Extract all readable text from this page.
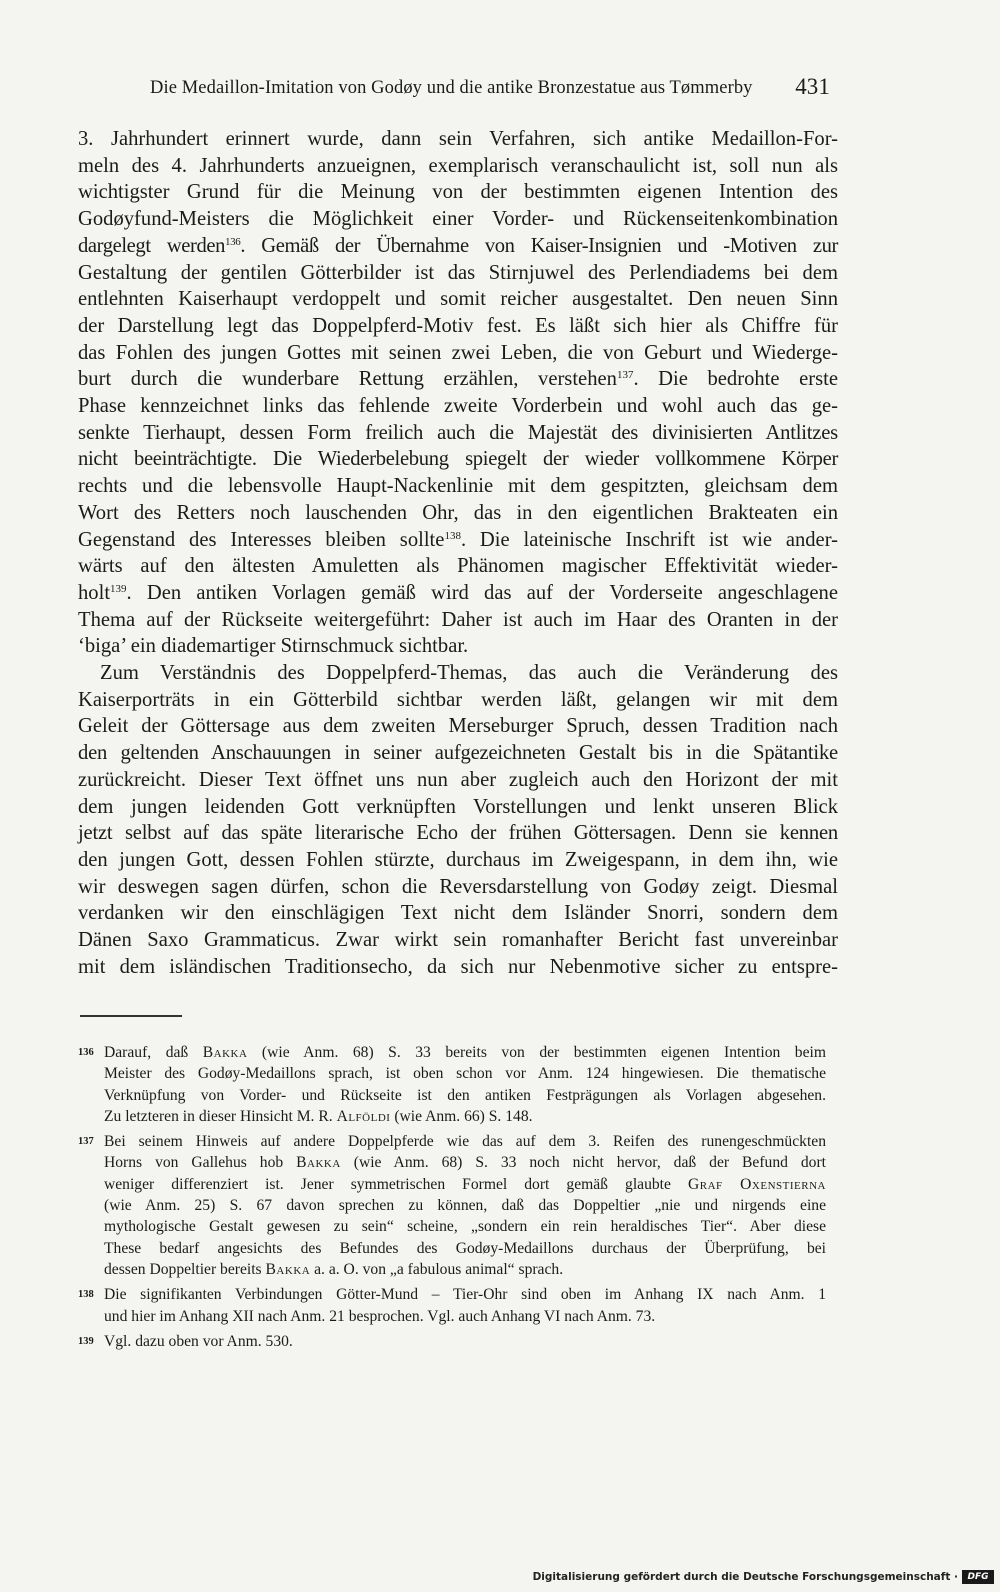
Die Medaillon-Imitation von Godøy und die antike Bronzestatue aus Tømmerby 431

3. Jahrhundert erinnert wurde, dann sein Verfahren, sich antike Medaillon-For-
meln des 4. Jahrhunderts anzueignen, exemplarisch veranschaulicht ist, soll nun als
wichtigster Grund für die Meinung von der bestimmten eigenen Intention des
Godøyfund-Meisters die Möglichkeit einer Vorder- und Rückenseitenkombination
dargelegt werden$^{136}$. Gemäß der Übernahme von Kaiser-Insignien und -Motiven zur
Gestaltung der gentilen Götterbilder ist das Stirnjuwel des Perlendiadems bei dem
entlehnten Kaiserhaupt verdoppelt und somit reicher ausgestaltet. Den neuen Sinn
der Darstellung legt das Doppelpferd-Motiv fest. Es läßt sich hier als Chiffre für
das Fohlen des jungen Gottes mit seinen zwei Leben, die von Geburt und Wiederge-
burt durch die wunderbare Rettung erzählen, verstehen$^{137}$. Die bedrohte erste
Phase kennzeichnet links das fehlende zweite Vorderbein und wohl auch das ge-
senkte Tierhaupt, dessen Form freilich auch die Majestät des divinisierten Antlitzes
nicht beeinträchtigte. Die Wiederbelebung spiegelt der wieder vollkommene Körper
rechts und die lebensvolle Haupt-Nackenlinie mit dem gespitzten, gleichsam dem
Wort des Retters noch lauschenden Ohr, das in den eigentlichen Brakteaten ein
Gegenstand des Interesses bleiben sollte$^{138}$. Die lateinische Inschrift ist wie ander-
wärts auf den ältesten Amuletten als Phänomen magischer Effektivität wieder-
holt$^{139}$. Den antiken Vorlagen gemäß wird das auf der Vorderseite angeschlagene
Thema auf der Rückseite weitergeführt: Daher ist auch im Haar des Oranten in der
‘biga’ ein diademartiger Stirnschmuck sichtbar.

Zum Verständnis des Doppelpferd-Themas, das auch die Veränderung des
Kaiserporträts in ein Götterbild sichtbar werden läßt, gelangen wir mit dem
Geleit der Göttersage aus dem zweiten Merseburger Spruch, dessen Tradition nach
den geltenden Anschauungen in seiner aufgezeichneten Gestalt bis in die Spätantike
zurückreicht. Dieser Text öffnet uns nun aber zugleich auch den Horizont der mit
dem jungen leidenden Gott verknüpften Vorstellungen und lenkt unseren Blick
jetzt selbst auf das späte literarische Echo der frühen Göttersagen. Denn sie kennen
den jungen Gott, dessen Fohlen stürzte, durchaus im Zweigespann, in dem ihn, wie
wir deswegen sagen dürfen, schon die Reversdarstellung von Godøy zeigt. Diesmal
verdanken wir den einschlägigen Text nicht dem Isländer Snorri, sondern dem
Dänen Saxo Grammaticus. Zwar wirkt sein romanhafter Bericht fast unvereinbar
mit dem isländischen Traditionsecho, da sich nur Nebenmotive sicher zu entspre-

136 Darauf, daß Bakka (wie Anm. 68) S. 33 bereits von der bestimmten eigenen Intention beim
Meister des Godøy-Medaillons sprach, ist oben schon vor Anm. 124 hingewiesen. Die thematische
Verknüpfung von Vorder- und Rückseite ist den antiken Festprägungen als Vorlagen abgesehen.
Zu letzteren in dieser Hinsicht M. R. Alföldi (wie Anm. 66) S. 148.
137 Bei seinem Hinweis auf andere Doppelpferde wie das auf dem 3. Reifen des runengeschmückten
Horns von Gallehus hob Bakka (wie Anm. 68) S. 33 noch nicht hervor, daß der Befund dort
weniger differenziert ist. Jener symmetrischen Formel dort gemäß glaubte Graf Oxenstierna
(wie Anm. 25) S. 67 davon sprechen zu können, daß das Doppeltier „nie und nirgends eine
mythologische Gestalt gewesen zu sein“ scheine, „sondern ein rein heraldisches Tier“. Aber diese
These bedarf angesichts des Befundes des Godøy-Medaillons durchaus der Überprüfung, bei
dessen Doppeltier bereits Bakka a. a. O. von „a fabulous animal“ sprach.
138 Die signifikanten Verbindungen Götter-Mund – Tier-Ohr sind oben im Anhang IX nach Anm. 1
und hier im Anhang XII nach Anm. 21 besprochen. Vgl. auch Anhang VI nach Anm. 73.
139 Vgl. dazu oben vor Anm. 530.
Digitalisierung gefördert durch die Deutsche Forschungsgemeinschaft ·	DFG
